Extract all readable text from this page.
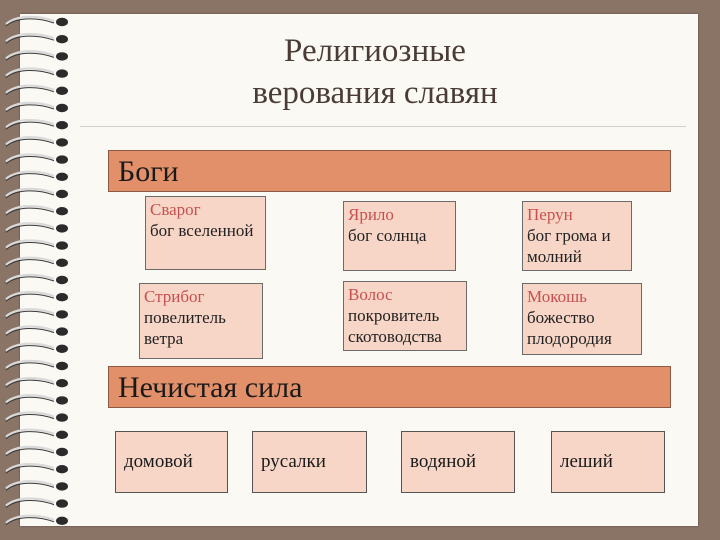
Религиозные
верования славян
Боги
Сварог
бог вселенной
Ярило
бог солнца
Перун
бог грома и
молний
Стрибог
повелитель
ветра
Волос
покровитель
скотоводства
Мокошь
божество
плодородия
Нечистая сила
домовой	русалки	водяной	леший
